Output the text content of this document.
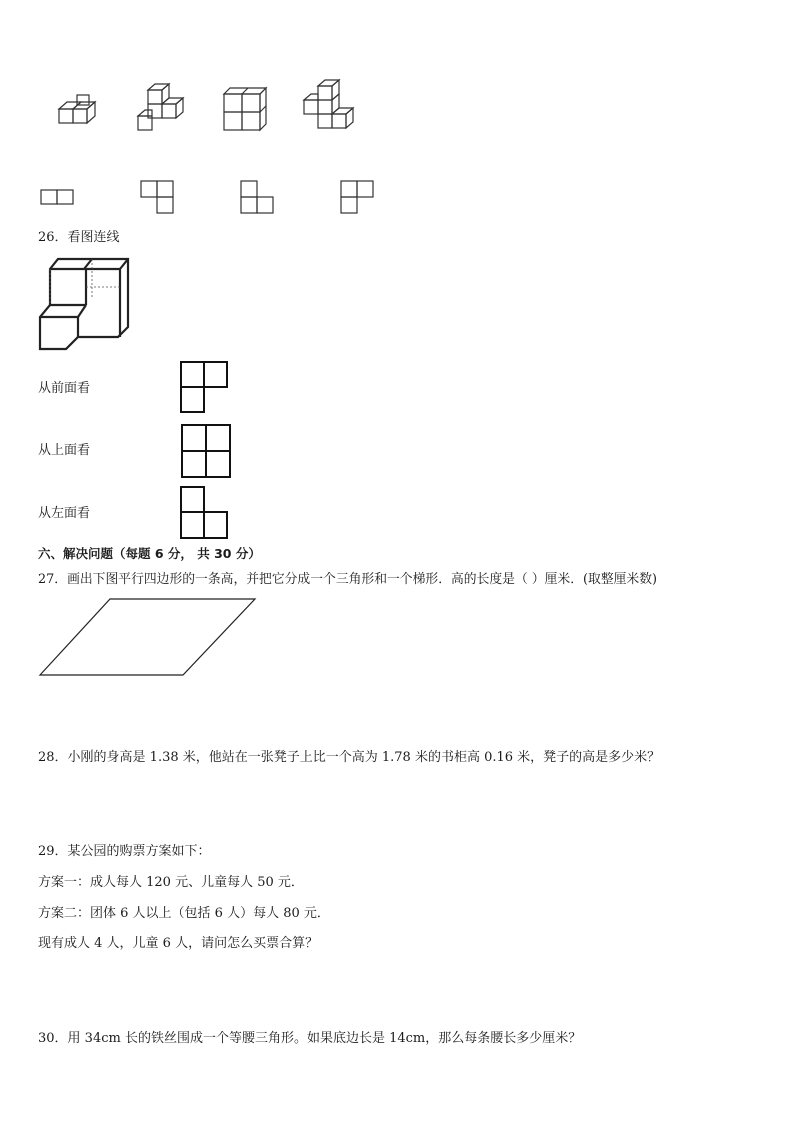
26．看图连线
从前面看
从上面看
从左面看
六、解决问题（每题 6 分， 共 30 分）
27．画出下图平行四边形的一条高，并把它分成一个三角形和一个梯形．高的长度是（ ）厘米．(取整厘米数)
28．小刚的身高是 1.38 米，他站在一张凳子上比一个高为 1.78 米的书柜高 0.16 米，凳子的高是多少米？
29．某公园的购票方案如下：
方案一：成人每人 120 元、儿童每人 50 元．
方案二：团体 6 人以上（包括 6 人）每人 80 元．
现有成人 4 人，儿童 6 人，请问怎么买票合算？
30．用 34cm 长的铁丝围成一个等腰三角形。如果底边长是 14cm，那么每条腰长多少厘米？
